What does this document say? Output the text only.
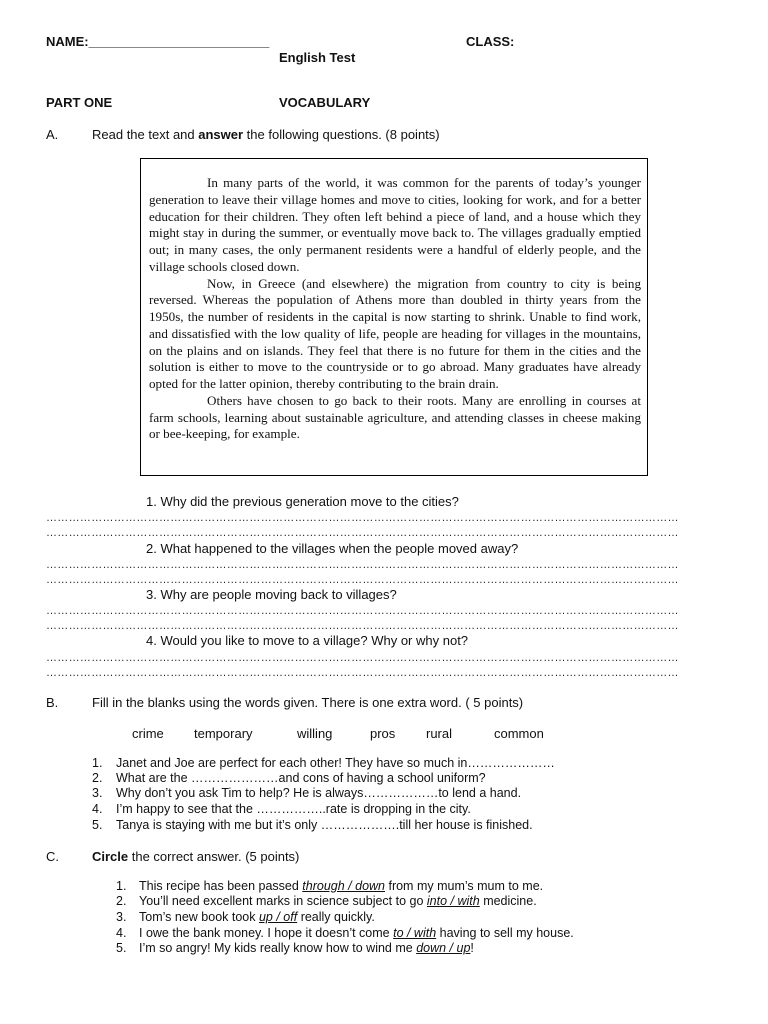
NAME:_________________________	CLASS:
English Test
PART ONE	VOCABULARY
A.	Read the text and answer the following questions. (8 points)

In many parts of the world, it was common for the parents of today’s younger generation to leave their village homes and move to cities, looking for work, and for a better education for their children. They often left behind a piece of land, and a house which they might stay in during the summer, or eventually move back to. The villages gradually emptied out; in many cases, the only permanent residents were a handful of elderly people, and the village schools closed down.

Now, in Greece (and elsewhere) the migration from country to city is being reversed. Whereas the population of Athens more than doubled in thirty years from the 1950s, the number of residents in the capital is now starting to shrink. Unable to find work, and dissatisfied with the low quality of life, people are heading for villages in the mountains, on the plains and on islands. They feel that there is no future for them in the cities and the solution is either to move to the countryside or to go abroad. Many graduates have already opted for the latter opinion, thereby contributing to the brain drain.

Others have chosen to go back to their roots. Many are enrolling in courses at farm schools, learning about sustainable agriculture, and attending classes in cheese making or bee-keeping, for example.

1. Why did the previous generation move to the cities?
……………………………………………………………………………………………………………………………………………………
……………………………………………………………………………………………………………………………………………………
2. What happened to the villages when the people moved away?
……………………………………………………………………………………………………………………………………………………
……………………………………………………………………………………………………………………………………………………
3. Why are people moving back to villages?
……………………………………………………………………………………………………………………………………………………
……………………………………………………………………………………………………………………………………………………
4. Would you like to move to a village? Why or why not?
……………………………………………………………………………………………………………………………………………………
……………………………………………………………………………………………………………………………………………………
B.	Fill in the blanks using the words given. There is one extra word. ( 5 points)
crime temporary	willing	pros rural	common
1. Janet and Joe are perfect for each other! They have so much in…………………
2. What are the …………………and cons of having a school uniform?
3. Why don’t you ask Tim to help? He is always………………to lend a hand.
4. I’m happy to see that the ……………..rate is dropping in the city.
5. Tanya is staying with me but it’s only ……………….till her house is finished.
C.	Circle the correct answer. (5 points)
1. This recipe has been passed through / down from my mum’s mum to me.
2. You’ll need excellent marks in science subject to go into / with medicine.
3. Tom’s new book took up / off really quickly.
4. I owe the bank money. I hope it doesn’t come to / with having to sell my house.
5. I’m so angry! My kids really know how to wind me down / up!
